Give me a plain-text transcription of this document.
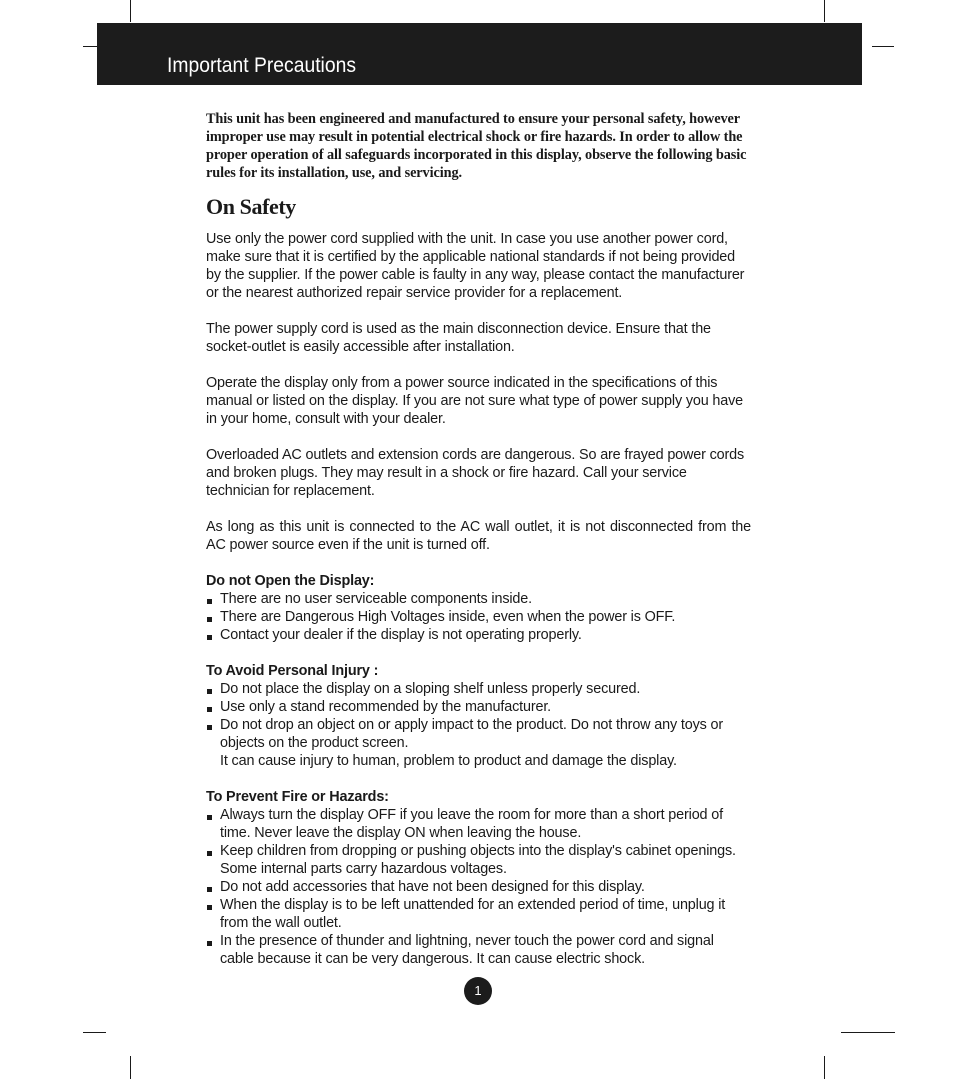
Important Precautions

This unit has been engineered and manufactured to ensure your personal safety, however improper use may result in potential electrical shock or fire hazards. In order to allow the proper operation of all safeguards incorporated in this display, observe the following basic rules for its installation, use, and servicing.

On Safety

Use only the power cord supplied with the unit. In case you use another power cord, make sure that it is certified by the applicable national standards if not being provided by the supplier. If the power cable is faulty in any way, please contact the manufacturer or the nearest authorized repair service provider for a replacement.

The power supply cord is used as the main disconnection device. Ensure that the socket-outlet is easily accessible after installation.

Operate the display only from a power source indicated in the specifications of this manual or listed on the display. If you are not sure what type of power supply you have in your home, consult with your dealer.

Overloaded AC outlets and extension cords are dangerous. So are frayed power cords and broken plugs. They may result in a shock or fire hazard. Call your service technician for replacement.

As long as this unit is connected to the AC wall outlet, it is not disconnected from the AC power source even if the unit is turned off.

Do not Open the Display:

There are no user serviceable components inside.
There are Dangerous High Voltages inside, even when the power is OFF.
Contact your dealer if the display is not operating properly.

To Avoid Personal Injury :

Do not place the display on a sloping shelf unless properly secured.
Use only a stand recommended by the manufacturer.
Do not drop an object on or apply impact to the product. Do not throw any toys or objects on the product screen.
It can cause injury to human, problem to product and damage the display.

To Prevent Fire or Hazards:

Always turn the display OFF if you leave the room for more than a short period of time. Never leave the display ON when leaving the house.
Keep children from dropping or pushing objects into the display's cabinet openings. Some internal parts carry hazardous voltages.
Do not add accessories that have not been designed for this display.
When the display is to be left unattended for an extended period of time, unplug it from the wall outlet.
In the presence of thunder and lightning, never touch the power cord and signal cable because it can be very dangerous. It can cause electric shock.
1
